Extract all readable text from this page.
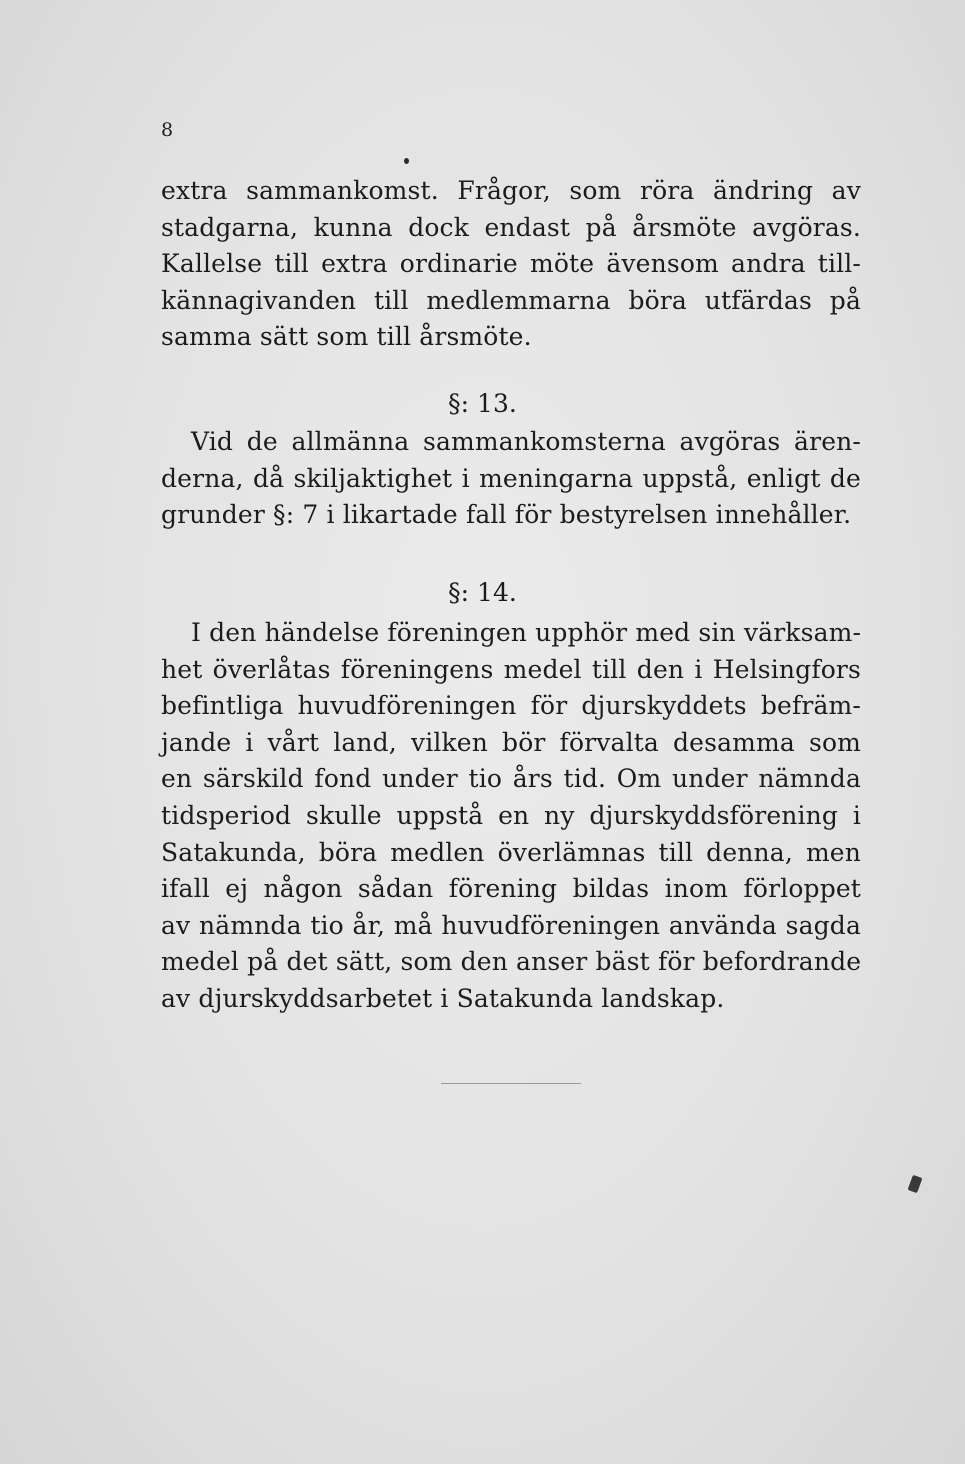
8
extra sammankomst. Frågor, som röra ändring av
stadgarna, kunna dock endast på årsmöte avgöras.
Kallelse till extra ordinarie möte ävensom andra till-
kännagivanden till medlemmarna böra utfärdas på
samma sätt som till årsmöte.
§: 13.
Vid de allmänna sammankomsterna avgöras ären-
derna, då skiljaktighet i meningarna uppstå, enligt de
grunder §: 7 i likartade fall för bestyrelsen innehåller.
§: 14.
I den händelse föreningen upphör med sin värksam-
het överlåtas föreningens medel till den i Helsingfors
befintliga huvudföreningen för djurskyddets befräm-
jande i vårt land, vilken bör förvalta desamma som
en särskild fond under tio års tid. Om under nämnda
tidsperiod skulle uppstå en ny djurskyddsförening i
Satakunda, böra medlen överlämnas till denna, men
ifall ej någon sådan förening bildas inom förloppet
av nämnda tio år, må huvudföreningen använda sagda
medel på det sätt, som den anser bäst för befordrande
av djurskyddsarbetet i Satakunda landskap.
